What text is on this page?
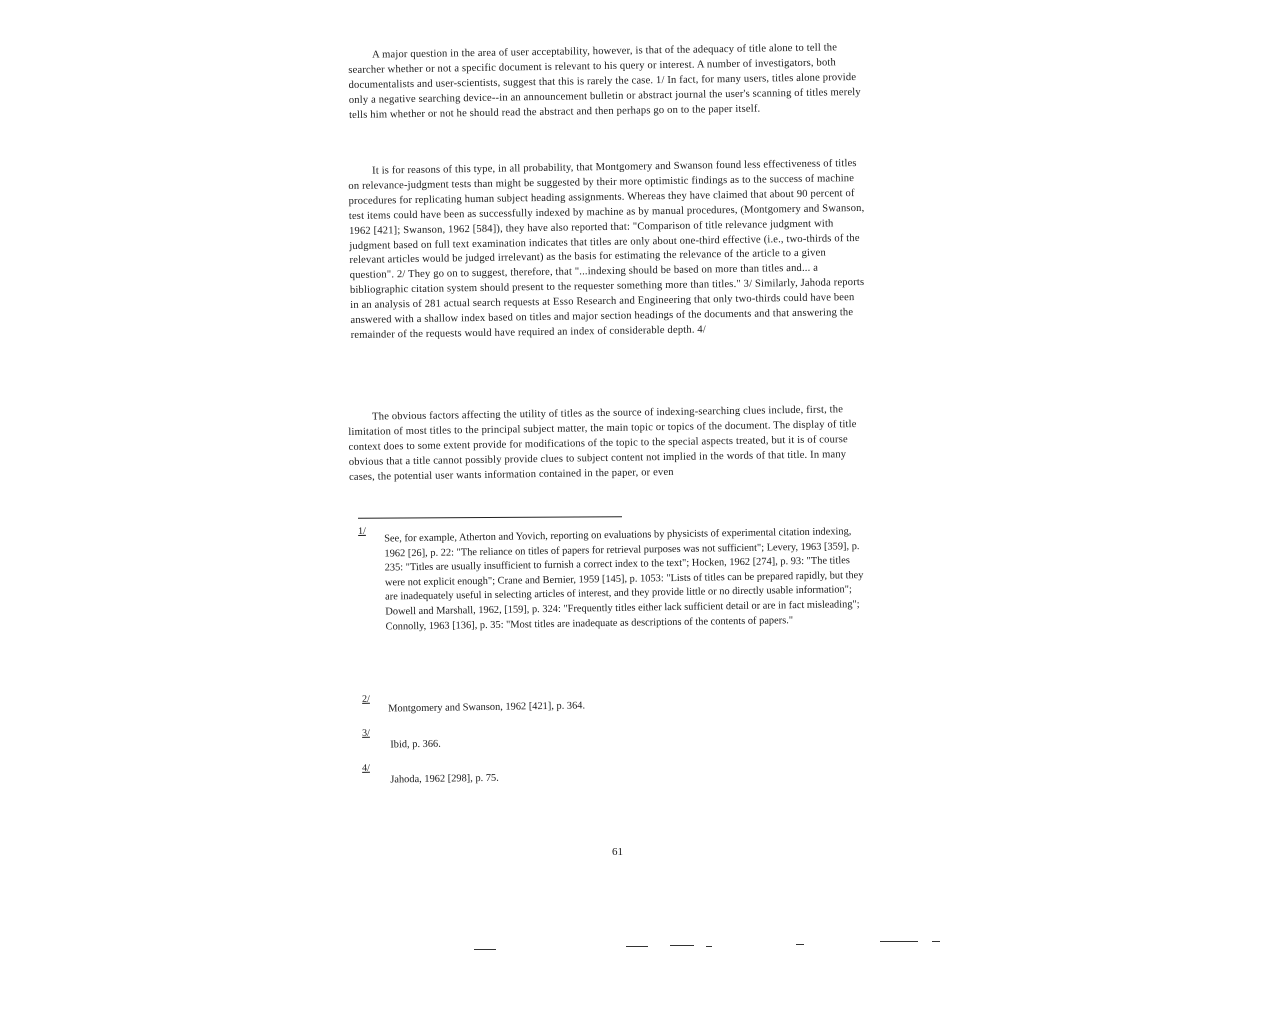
A major question in the area of user acceptability, however, is that of the adequacy of title alone to tell the searcher whether or not a specific document is relevant to his query or interest. A number of investigators, both documentalists and user-scientists, suggest that this is rarely the case. 1/ In fact, for many users, titles alone provide only a negative searching device--in an announcement bulletin or abstract journal the user's scanning of titles merely tells him whether or not he should read the abstract and then perhaps go on to the paper itself.

It is for reasons of this type, in all probability, that Montgomery and Swanson found less effectiveness of titles on relevance-judgment tests than might be suggested by their more optimistic findings as to the success of machine procedures for replicating human subject heading assignments. Whereas they have claimed that about 90 percent of test items could have been as successfully indexed by machine as by manual procedures, (Montgomery and Swanson, 1962 [421]; Swanson, 1962 [584]), they have also reported that: "Comparison of title relevance judgment with judgment based on full text examination indicates that titles are only about one-third effective (i.e., two-thirds of the relevant articles would be judged irrelevant) as the basis for estimating the relevance of the article to a given question". 2/ They go on to suggest, therefore, that "...indexing should be based on more than titles and... a bibliographic citation system should present to the requester something more than titles." 3/ Similarly, Jahoda reports in an analysis of 281 actual search requests at Esso Research and Engineering that only two-thirds could have been answered with a shallow index based on titles and major section headings of the documents and that answering the remainder of the requests would have required an index of considerable depth. 4/

The obvious factors affecting the utility of titles as the source of indexing-searching clues include, first, the limitation of most titles to the principal subject matter, the main topic or topics of the document. The display of title context does to some extent provide for modifications of the topic to the special aspects treated, but it is of course obvious that a title cannot possibly provide clues to subject content not implied in the words of that title. In many cases, the potential user wants information contained in the paper, or even

1/ See, for example, Atherton and Yovich, reporting on evaluations by physicists of experimental citation indexing, 1962 [26], p. 22: "The reliance on titles of papers for retrieval purposes was not sufficient"; Levery, 1963 [359], p. 235: "Titles are usually insufficient to furnish a correct index to the text"; Hocken, 1962 [274], p. 93: "The titles were not explicit enough"; Crane and Bernier, 1959 [145], p. 1053: "Lists of titles can be prepared rapidly, but they are inadequately useful in selecting articles of interest, and they provide little or no directly usable information"; Dowell and Marshall, 1962, [159], p. 324: "Frequently titles either lack sufficient detail or are in fact misleading"; Connolly, 1963 [136], p. 35: "Most titles are inadequate as descriptions of the contents of papers."
2/
Montgomery and Swanson, 1962 [421], p. 364.
3/
Ibid, p. 366.
4/
Jahoda, 1962 [298], p. 75.
61
